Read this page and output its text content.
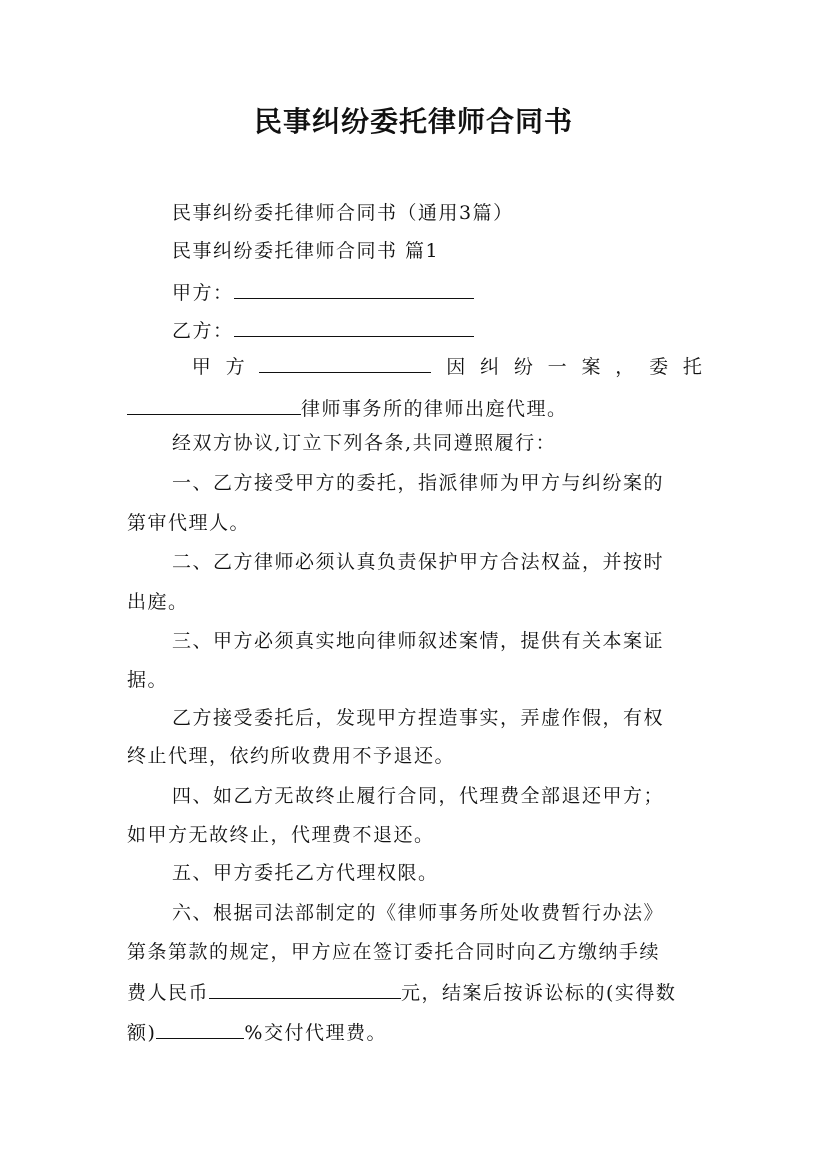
民事纠纷委托律师合同书
民事纠纷委托律师合同书（通用3篇）
民事纠纷委托律师合同书 篇1
甲方：
乙方：
甲 方	因 纠 纷 一 案 ， 委 托
律师事务所的律师出庭代理。
经双方协议,订立下列各条,共同遵照履行：
一、乙方接受甲方的委托，指派律师为甲方与纠纷案的
第审代理人。
二、乙方律师必须认真负责保护甲方合法权益，并按时
出庭。
三、甲方必须真实地向律师叙述案情，提供有关本案证
据。
乙方接受委托后，发现甲方捏造事实，弄虚作假，有权
终止代理，依约所收费用不予退还。
四、如乙方无故终止履行合同，代理费全部退还甲方；
如甲方无故终止，代理费不退还。
五、甲方委托乙方代理权限。
六、根据司法部制定的《律师事务所处收费暂行办法》
第条第款的规定，甲方应在签订委托合同时向乙方缴纳手续
费人民币	元，结案后按诉讼标的(实得数
额)	%交付代理费。
